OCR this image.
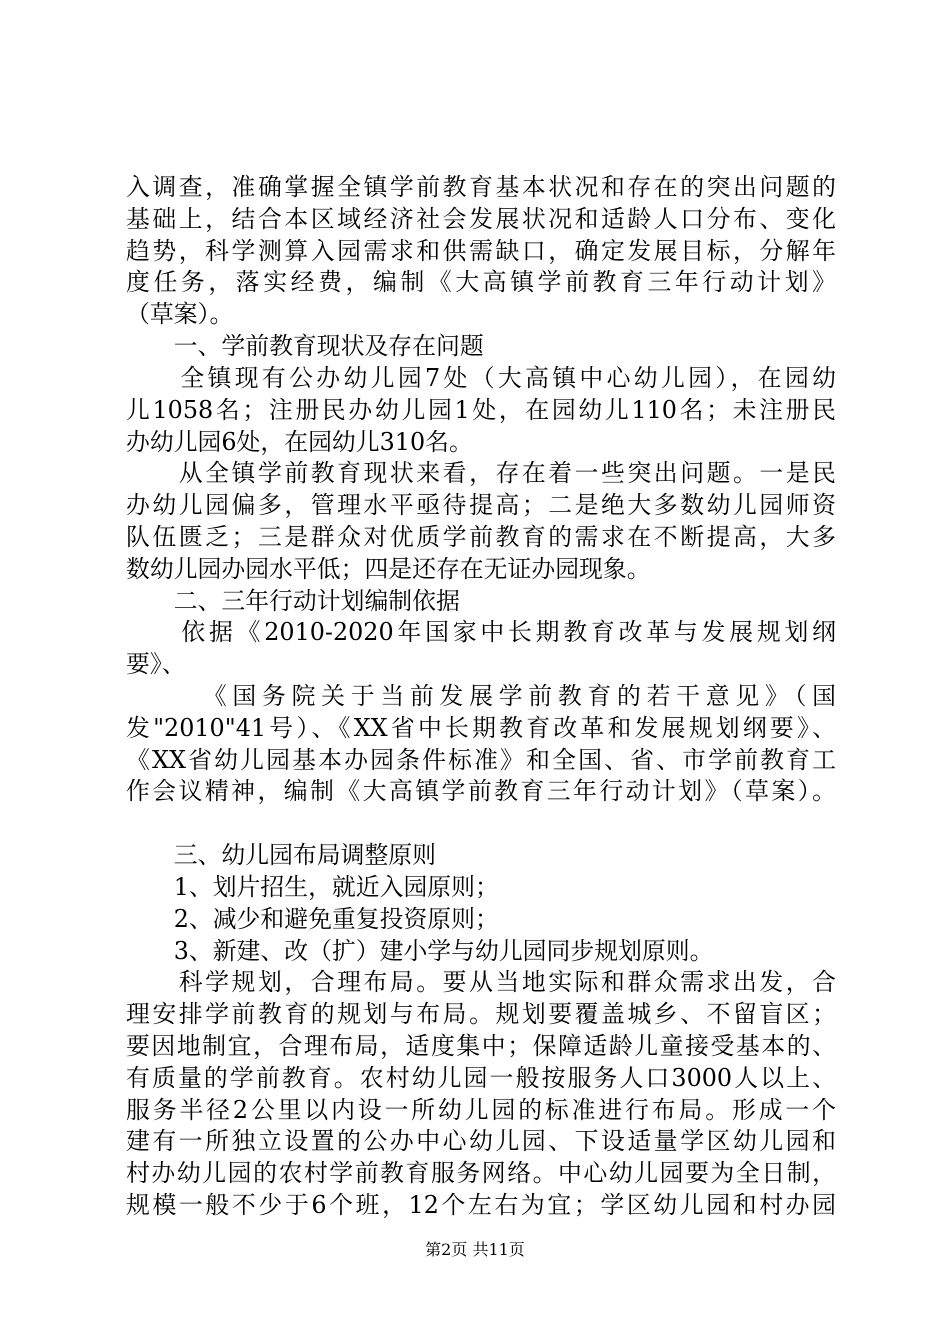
入调查，准确掌握全镇学前教育基本状况和存在的突出问题的
基础上，结合本区域经济社会发展状况和适龄人口分布、变化
趋势，科学测算入园需求和供需缺口，确定发展目标，分解年
度任务，落实经费，编制《大高镇学前教育三年行动计划》
（草案）。
　　一、学前教育现状及存在问题
　　全镇现有公办幼儿园7处（大高镇中心幼儿园），在园幼
儿1058名；注册民办幼儿园1处，在园幼儿110名；未注册民
办幼儿园6处，在园幼儿310名。
　　从全镇学前教育现状来看，存在着一些突出问题。一是民
办幼儿园偏多，管理水平亟待提高；二是绝大多数幼儿园师资
队伍匮乏；三是群众对优质学前教育的需求在不断提高，大多
数幼儿园办园水平低；四是还存在无证办园现象。
　　二、三年行动计划编制依据
　　依据《2010-2020年国家中长期教育改革与发展规划纲
要》、
　　　《国务院关于当前发展学前教育的若干意见》（国
发"2010"41号）、《XX省中长期教育改革和发展规划纲要》、
《XX省幼儿园基本办园条件标准》和全国、省、市学前教育工
作会议精神，编制《大高镇学前教育三年行动计划》（草案）。
　　三、幼儿园布局调整原则
　　1、划片招生，就近入园原则；
　　2、减少和避免重复投资原则；
　　3、新建、改（扩）建小学与幼儿园同步规划原则。
　　科学规划，合理布局。要从当地实际和群众需求出发，合
理安排学前教育的规划与布局。规划要覆盖城乡、不留盲区；
要因地制宜，合理布局，适度集中；保障适龄儿童接受基本的、
有质量的学前教育。农村幼儿园一般按服务人口3000人以上、
服务半径2公里以内设一所幼儿园的标准进行布局。形成一个
建有一所独立设置的公办中心幼儿园、下设适量学区幼儿园和
村办幼儿园的农村学前教育服务网络。中心幼儿园要为全日制，
规模一般不少于6个班，12个左右为宜；学区幼儿园和村办园
第2页 共11页
